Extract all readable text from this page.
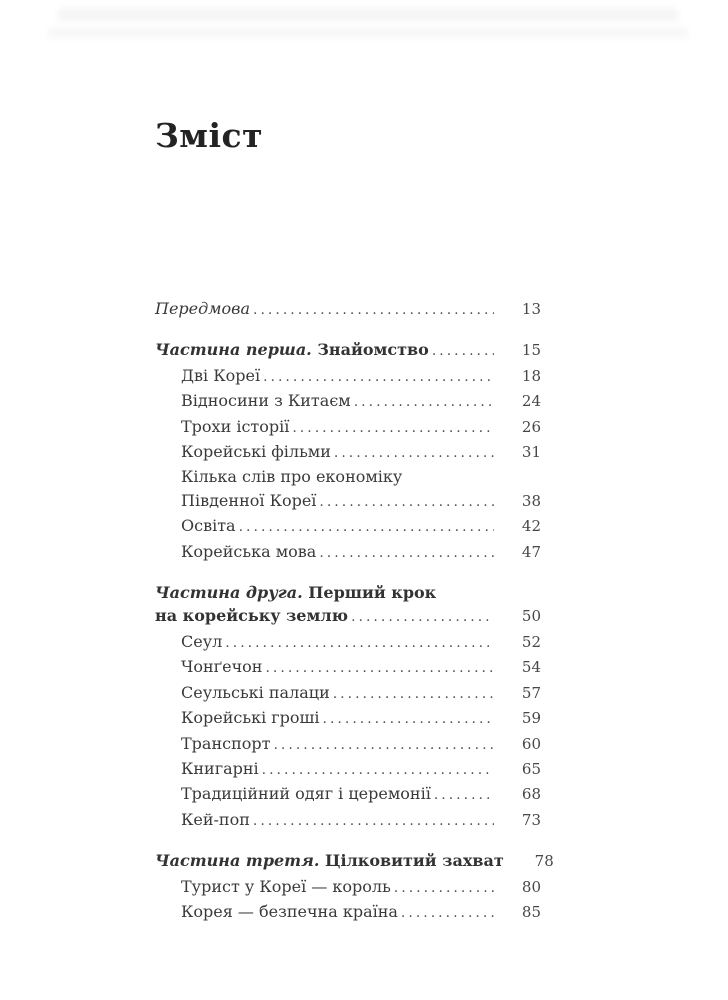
Зміст
Передмова .....	13
Частина перша. Знайомство .....	15
Дві Кореї .....	18
Відносини з Китаєм .....	24
Трохи історії .....	26
Корейські фільми .....	31
Кілька слів про економіку
Південної Кореї .....	38
Освіта .....	42
Корейська мова .....	47
Частина друга. Перший крок
на корейську землю .....	50
Сеул .....	52
Чонґечон .....	54
Сеульські палаци .....	57
Корейські гроші .....	59
Транспорт .....	60
Книгарні .....	65
Традиційний одяг і церемонії .....	68
Кей-поп .....	73
Частина третя. Цілковитий захват	78
Турист у Кореї — король .....	80
Корея — безпечна країна .....	85
